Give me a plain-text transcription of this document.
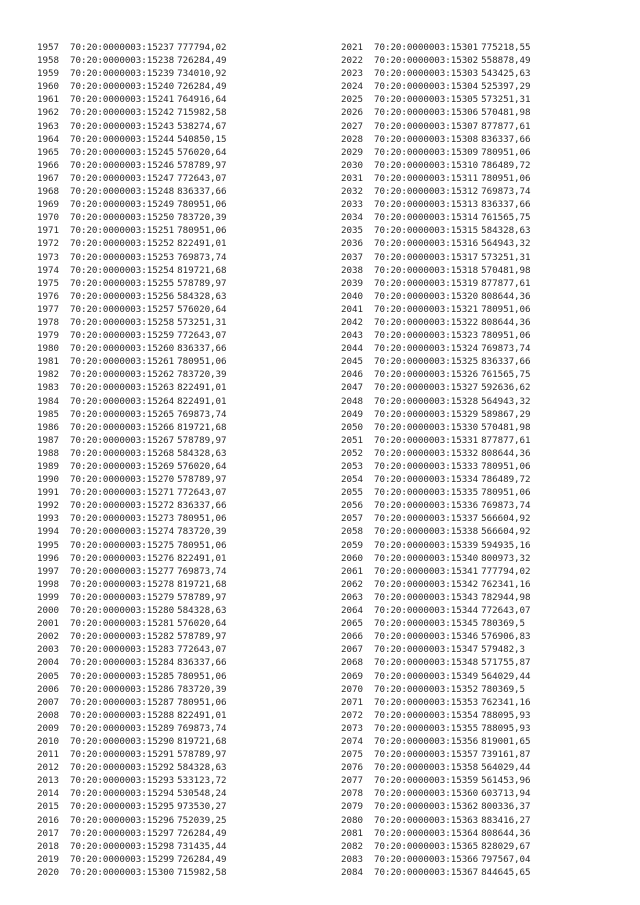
1957 70:20:0000003:15237 777794,02
1958 70:20:0000003:15238 726284,49
1959 70:20:0000003:15239 734010,92
1960 70:20:0000003:15240 726284,49
1961 70:20:0000003:15241 764916,64
1962 70:20:0000003:15242 715982,58
1963 70:20:0000003:15243 538274,67
1964 70:20:0000003:15244 540850,15
1965 70:20:0000003:15245 576020,64
1966 70:20:0000003:15246 578789,97
1967 70:20:0000003:15247 772643,07
1968 70:20:0000003:15248 836337,66
1969 70:20:0000003:15249 780951,06
1970 70:20:0000003:15250 783720,39
1971 70:20:0000003:15251 780951,06
1972 70:20:0000003:15252 822491,01
1973 70:20:0000003:15253 769873,74
1974 70:20:0000003:15254 819721,68
1975 70:20:0000003:15255 578789,97
1976 70:20:0000003:15256 584328,63
1977 70:20:0000003:15257 576020,64
1978 70:20:0000003:15258 573251,31
1979 70:20:0000003:15259 772643,07
1980 70:20:0000003:15260 836337,66
1981 70:20:0000003:15261 780951,06
1982 70:20:0000003:15262 783720,39
1983 70:20:0000003:15263 822491,01
1984 70:20:0000003:15264 822491,01
1985 70:20:0000003:15265 769873,74
1986 70:20:0000003:15266 819721,68
1987 70:20:0000003:15267 578789,97
1988 70:20:0000003:15268 584328,63
1989 70:20:0000003:15269 576020,64
1990 70:20:0000003:15270 578789,97
1991 70:20:0000003:15271 772643,07
1992 70:20:0000003:15272 836337,66
1993 70:20:0000003:15273 780951,06
1994 70:20:0000003:15274 783720,39
1995 70:20:0000003:15275 780951,06
1996 70:20:0000003:15276 822491,01
1997 70:20:0000003:15277 769873,74
1998 70:20:0000003:15278 819721,68
1999 70:20:0000003:15279 578789,97
2000 70:20:0000003:15280 584328,63
2001 70:20:0000003:15281 576020,64
2002 70:20:0000003:15282 578789,97
2003 70:20:0000003:15283 772643,07
2004 70:20:0000003:15284 836337,66
2005 70:20:0000003:15285 780951,06
2006 70:20:0000003:15286 783720,39
2007 70:20:0000003:15287 780951,06
2008 70:20:0000003:15288 822491,01
2009 70:20:0000003:15289 769873,74
2010 70:20:0000003:15290 819721,68
2011 70:20:0000003:15291 578789,97
2012 70:20:0000003:15292 584328,63
2013 70:20:0000003:15293 533123,72
2014 70:20:0000003:15294 530548,24
2015 70:20:0000003:15295 973530,27
2016 70:20:0000003:15296 752039,25
2017 70:20:0000003:15297 726284,49
2018 70:20:0000003:15298 731435,44
2019 70:20:0000003:15299 726284,49
2020 70:20:0000003:15300 715982,58
2021 70:20:0000003:15301 775218,55
2022 70:20:0000003:15302 558878,49
2023 70:20:0000003:15303 543425,63
2024 70:20:0000003:15304 525397,29
2025 70:20:0000003:15305 573251,31
2026 70:20:0000003:15306 570481,98
2027 70:20:0000003:15307 877877,61
2028 70:20:0000003:15308 836337,66
2029 70:20:0000003:15309 780951,06
2030 70:20:0000003:15310 786489,72
2031 70:20:0000003:15311 780951,06
2032 70:20:0000003:15312 769873,74
2033 70:20:0000003:15313 836337,66
2034 70:20:0000003:15314 761565,75
2035 70:20:0000003:15315 584328,63
2036 70:20:0000003:15316 564943,32
2037 70:20:0000003:15317 573251,31
2038 70:20:0000003:15318 570481,98
2039 70:20:0000003:15319 877877,61
2040 70:20:0000003:15320 808644,36
2041 70:20:0000003:15321 780951,06
2042 70:20:0000003:15322 808644,36
2043 70:20:0000003:15323 780951,06
2044 70:20:0000003:15324 769873,74
2045 70:20:0000003:15325 836337,66
2046 70:20:0000003:15326 761565,75
2047 70:20:0000003:15327 592636,62
2048 70:20:0000003:15328 564943,32
2049 70:20:0000003:15329 589867,29
2050 70:20:0000003:15330 570481,98
2051 70:20:0000003:15331 877877,61
2052 70:20:0000003:15332 808644,36
2053 70:20:0000003:15333 780951,06
2054 70:20:0000003:15334 786489,72
2055 70:20:0000003:15335 780951,06
2056 70:20:0000003:15336 769873,74
2057 70:20:0000003:15337 566604,92
2058 70:20:0000003:15338 566604,92
2059 70:20:0000003:15339 594935,16
2060 70:20:0000003:15340 800973,32
2061 70:20:0000003:15341 777794,02
2062 70:20:0000003:15342 762341,16
2063 70:20:0000003:15343 782944,98
2064 70:20:0000003:15344 772643,07
2065 70:20:0000003:15345 780369,5
2066 70:20:0000003:15346 576906,83
2067 70:20:0000003:15347 579482,3
2068 70:20:0000003:15348 571755,87
2069 70:20:0000003:15349 564029,44
2070 70:20:0000003:15352 780369,5
2071 70:20:0000003:15353 762341,16
2072 70:20:0000003:15354 788095,93
2073 70:20:0000003:15355 788095,93
2074 70:20:0000003:15356 819001,65
2075 70:20:0000003:15357 739161,87
2076 70:20:0000003:15358 564029,44
2077 70:20:0000003:15359 561453,96
2078 70:20:0000003:15360 603713,94
2079 70:20:0000003:15362 800336,37
2080 70:20:0000003:15363 883416,27
2081 70:20:0000003:15364 808644,36
2082 70:20:0000003:15365 828029,67
2083 70:20:0000003:15366 797567,04
2084 70:20:0000003:15367 844645,65
